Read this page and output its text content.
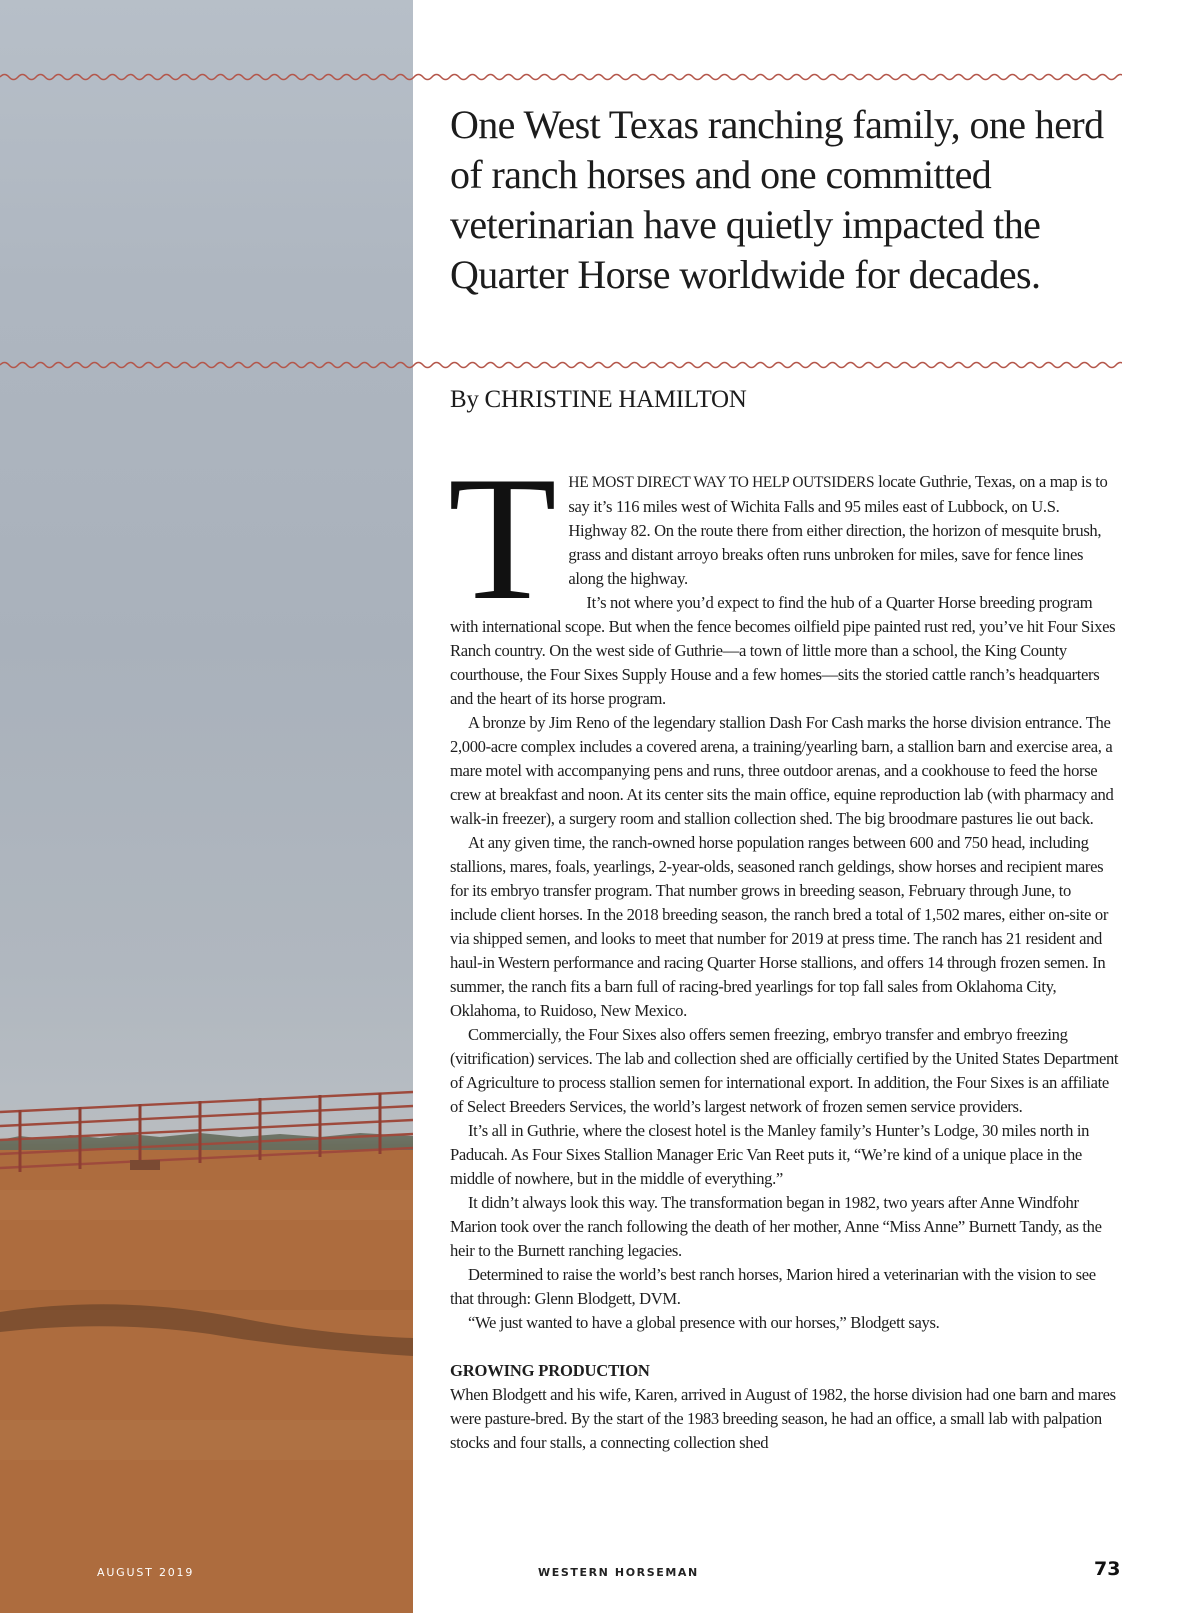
One West Texas ranching family, one herd of ranch horses and one committed veterinarian have quietly impacted the Quarter Horse worldwide for decades.

By CHRISTINE HAMILTON

THE MOST DIRECT WAY TO HELP OUTSIDERS locate Guthrie, Texas, on a map is to say it’s 116 miles west of Wichita Falls and 95 miles east of Lubbock, on U.S. Highway 82. On the route there from either direction, the horizon of mesquite brush, grass and distant arroyo breaks often runs unbroken for miles, save for fence lines along the highway.

It’s not where you’d expect to find the hub of a Quarter Horse breeding program with international scope. But when the fence becomes oilfield pipe painted rust red, you’ve hit Four Sixes Ranch country. On the west side of Guthrie—a town of little more than a school, the King County courthouse, the Four Sixes Supply House and a few homes—sits the storied cattle ranch’s headquarters and the heart of its horse program.

A bronze by Jim Reno of the legendary stallion Dash For Cash marks the horse division entrance. The 2,000-acre complex includes a covered arena, a training/yearling barn, a stallion barn and exercise area, a mare motel with accompanying pens and runs, three outdoor arenas, and a cookhouse to feed the horse crew at breakfast and noon. At its center sits the main office, equine reproduction lab (with pharmacy and walk-in freezer), a surgery room and stallion collection shed. The big broodmare pastures lie out back.

At any given time, the ranch-owned horse population ranges between 600 and 750 head, including stallions, mares, foals, yearlings, 2-year-olds, seasoned ranch geldings, show horses and recipient mares for its embryo transfer program. That number grows in breeding season, February through June, to include client horses. In the 2018 breeding season, the ranch bred a total of 1,502 mares, either on-site or via shipped semen, and looks to meet that number for 2019 at press time. The ranch has 21 resident and haul-in Western performance and racing Quarter Horse stallions, and offers 14 through frozen semen. In summer, the ranch fits a barn full of racing-bred yearlings for top fall sales from Oklahoma City, Oklahoma, to Ruidoso, New Mexico.

Commercially, the Four Sixes also offers semen freezing, embryo transfer and embryo freezing (vitrification) services. The lab and collection shed are officially certified by the United States Department of Agriculture to process stallion semen for international export. In addition, the Four Sixes is an affiliate of Select Breeders Services, the world’s largest network of frozen semen service providers.

It’s all in Guthrie, where the closest hotel is the Manley family’s Hunter’s Lodge, 30 miles north in Paducah. As Four Sixes Stallion Manager Eric Van Reet puts it, “We’re kind of a unique place in the middle of nowhere, but in the middle of everything.”

It didn’t always look this way. The transformation began in 1982, two years after Anne Windfohr Marion took over the ranch following the death of her mother, Anne “Miss Anne” Burnett Tandy, as the heir to the Burnett ranching legacies.

Determined to raise the world’s best ranch horses, Marion hired a veterinarian with the vision to see that through: Glenn Blodgett, DVM.

“We just wanted to have a global presence with our horses,” Blodgett says.

GROWING PRODUCTION

When Blodgett and his wife, Karen, arrived in August of 1982, the horse division had one barn and mares were pasture-bred. By the start of the 1983 breeding season, he had an office, a small lab with palpation stocks and four stalls, a connecting collection shed

AUGUST 2019	WESTERN HORSEMAN	73
